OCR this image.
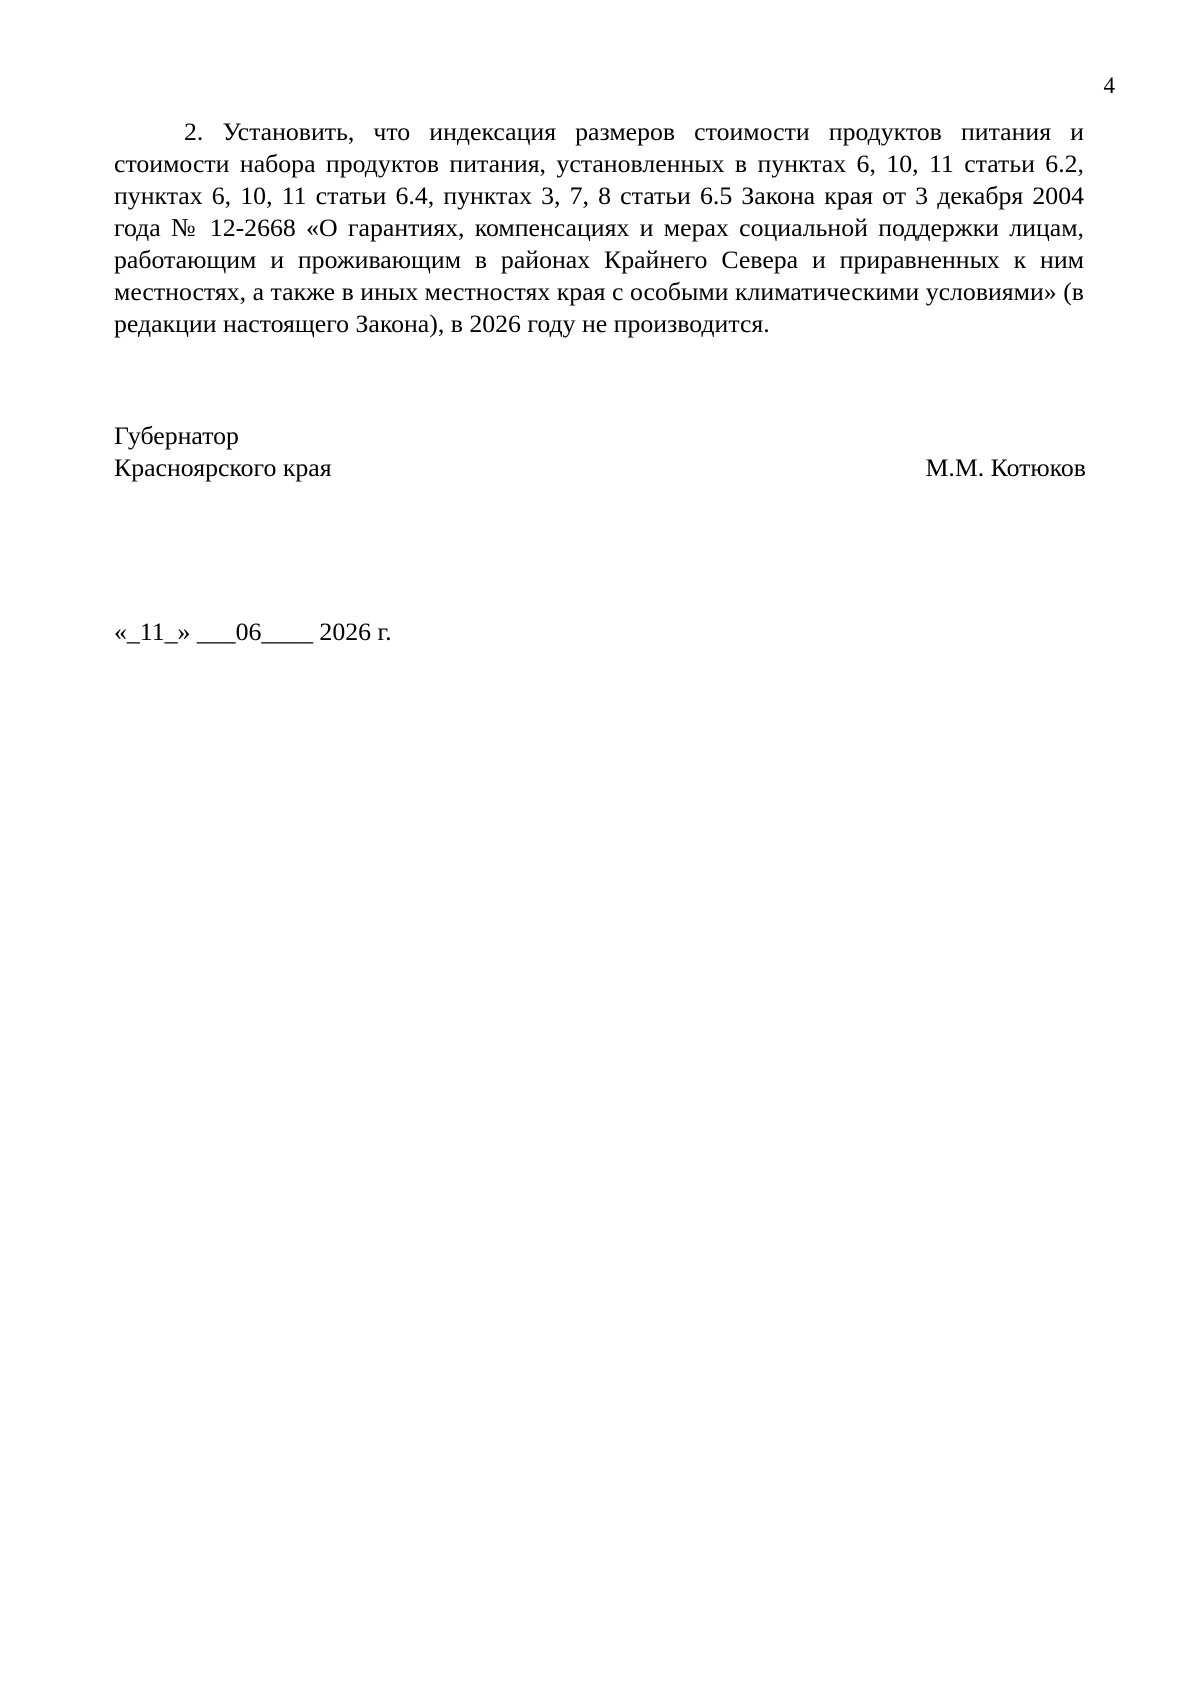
4

2. Установить, что индексация размеров стоимости продуктов питания и стоимости набора продуктов питания, установленных в пунктах 6, 10, 11 статьи 6.2, пунктах 6, 10, 11 статьи 6.4, пунктах 3, 7, 8 статьи 6.5 Закона края от 3 декабря 2004 года № 12-2668 «О гарантиях, компенсациях и мерах социальной поддержки лицам, работающим и проживающим в районах Крайнего Севера и приравненных к ним местностях, а также в иных местностях края с особыми климатическими условиями» (в редакции настоящего Закона), в 2026 году не производится.

Губернатор
Красноярского края	М.М. Котюков
«_11_» ___06____ 2026 г.
